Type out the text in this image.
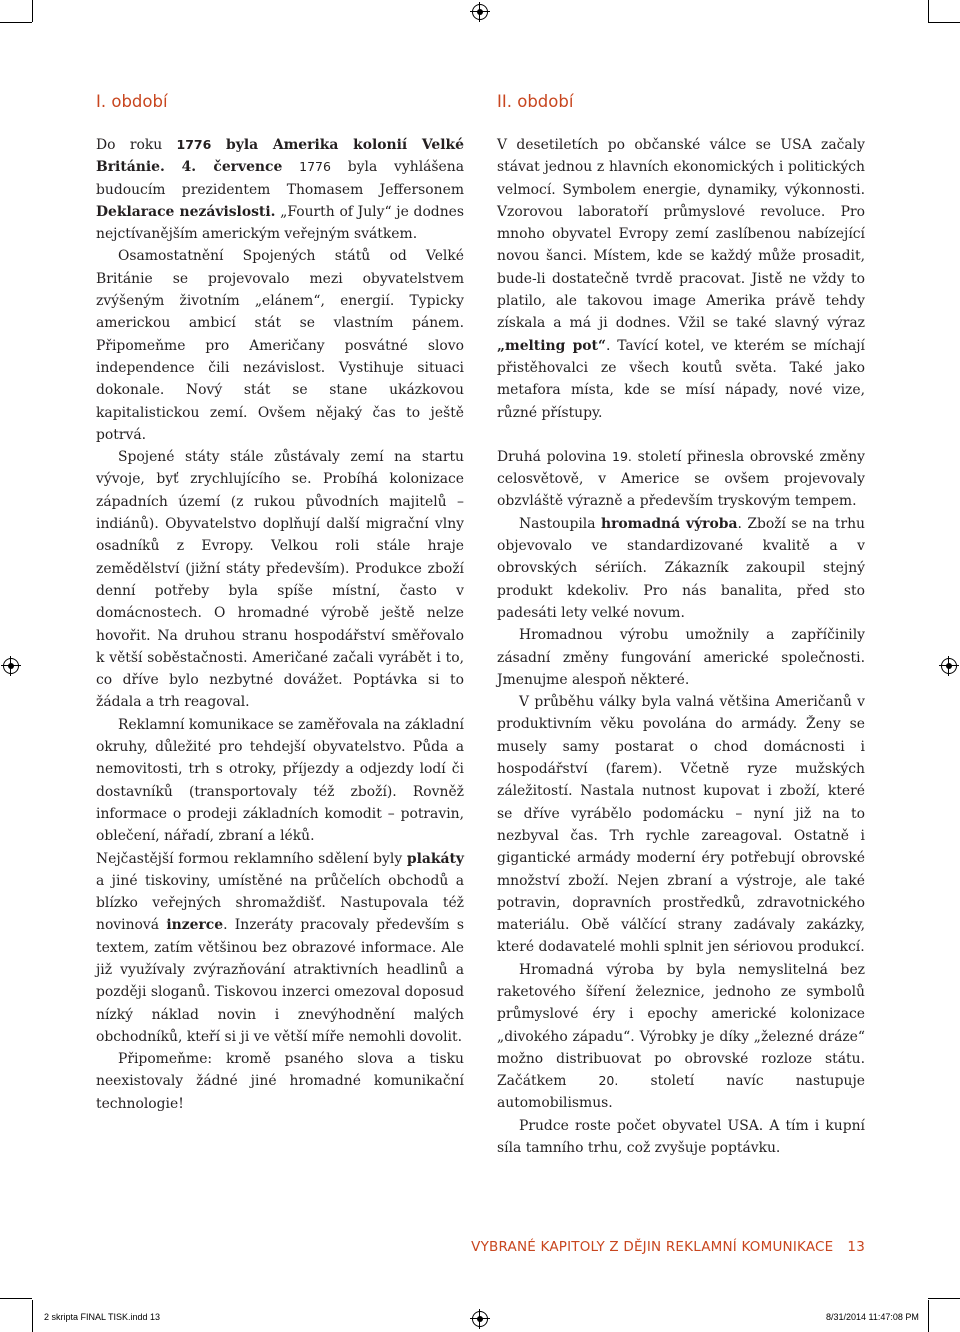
I. období

Do roku 1776 byla Amerika kolonií Velké Británie. 4. července 1776 byla vyhlášena budoucím prezidentem Thomasem Jeffersonem Deklarace nezávislosti. „Fourth of July“ je dodnes nejctívanějším americkým veřejným svátkem.

Osamostatnění Spojených států od Velké Británie se projevovalo mezi obyvatelstvem zvýšeným životním „elánem“, energií. Typicky americkou ambicí stát se vlastním pánem. Připomeňme pro Američany posvátné slovo independence čili nezávislost. Vystihuje situaci dokonale. Nový stát se stane ukázkovou kapitalistickou zemí. Ovšem nějaký čas to ještě potrvá.

Spojené státy stále zůstávaly zemí na startu vývoje, byť zrychlujícího se. Probíhá kolonizace západních území (z rukou původních majitelů – indiánů). Obyvatelstvo doplňují další migrační vlny osadníků z Evropy. Velkou roli stále hraje zemědělství (jižní státy především). Produkce zboží denní potřeby byla spíše místní, často v domácnostech. O hromadné výrobě ještě nelze hovořit. Na druhou stranu hospodářství směřovalo k větší soběstačnosti. Američané začali vyrábět i to, co dříve bylo nezbytné dovážet. Poptávka si to žádala a trh reagoval.

Reklamní komunikace se zaměřovala na základní okruhy, důležité pro tehdejší obyvatelstvo. Půda a nemovitosti, trh s otroky, příjezdy a odjezdy lodí či dostavníků (transportovaly též zboží). Rovněž informace o prodeji základních komodit – potravin, oblečení, nářadí, zbraní a léků.

Nejčastější formou reklamního sdělení byly plakáty a jiné tiskoviny, umístěné na průčelích obchodů a blízko veřejných shromaždišť. Nastupovala též novinová inzerce. Inzeráty pracovaly především s textem, zatím většinou bez obrazové informace. Ale již využívaly zvýrazňování atraktivních headlinů a později sloganů. Tiskovou inzerci omezoval doposud nízký náklad novin i znevýhodnění malých obchodníků, kteří si ji ve větší míře nemohli dovolit.

Připomeňme: kromě psaného slova a tisku neexistovaly žádné jiné hromadné komunikační technologie!

II. období

V desetiletích po občanské válce se USA začaly stávat jednou z hlavních ekonomických i politických velmocí. Symbolem energie, dynamiky, výkonnosti. Vzorovou laboratoří průmyslové revoluce. Pro mnoho obyvatel Evropy zemí zaslíbenou nabízející novou šanci. Místem, kde se každý může prosadit, bude-li dostatečně tvrdě pracovat. Jistě ne vždy to platilo, ale takovou image Amerika právě tehdy získala a má ji dodnes. Vžil se také slavný výraz „melting pot“. Tavící kotel, ve kterém se míchají přistěhovalci ze všech koutů světa. Také jako metafora místa, kde se mísí nápady, nové vize, různé přístupy.

Druhá polovina 19. století přinesla obrovské změny celosvětově, v Americe se ovšem projevovaly obzvláště výrazně a především tryskovým tempem.

Nastoupila hromadná výroba. Zboží se na trhu objevovalo ve standardizované kvalitě a v obrovských sériích. Zákazník zakoupil stejný produkt kdekoliv. Pro nás banalita, před sto padesáti lety velké novum.

Hromadnou výrobu umožnily a zapříčinily zásadní změny fungování americké společnosti. Jmenujme alespoň některé.

V průběhu války byla valná většina Američanů v produktivním věku povolána do armády. Ženy se musely samy postarat o chod domácnosti i hospodářství (farem). Včetně ryze mužských záležitostí. Nastala nutnost kupovat i zboží, které se dříve vyrábělo podomácku – nyní již na to nezbyval čas. Trh rychle zareagoval. Ostatně i gigantické armády moderní éry potřebují obrovské množství zboží. Nejen zbraní a výstroje, ale také potravin, dopravních prostředků, zdravotnického materiálu. Obě válčící strany zadávaly zakázky, které dodavatelé mohli splnit jen sériovou produkcí.

Hromadná výroba by byla nemyslitelná bez raketového šíření železnice, jednoho ze symbolů průmyslové éry i epochy americké kolonizace „divokého západu“. Výrobky je díky „železné dráze“ možno distribuovat po obrovské rozloze státu. Začátkem 20. století navíc nastupuje automobilismus.

Prudce roste počet obyvatel USA. A tím i kupní síla tamního trhu, což zvyšuje poptávku.

VYBRANÉ KAPITOLY Z DĚJIN REKLAMNÍ KOMUNIKACE 13
2 skripta FINAL TISK.indd 13	8/31/2014 11:47:08 PM
